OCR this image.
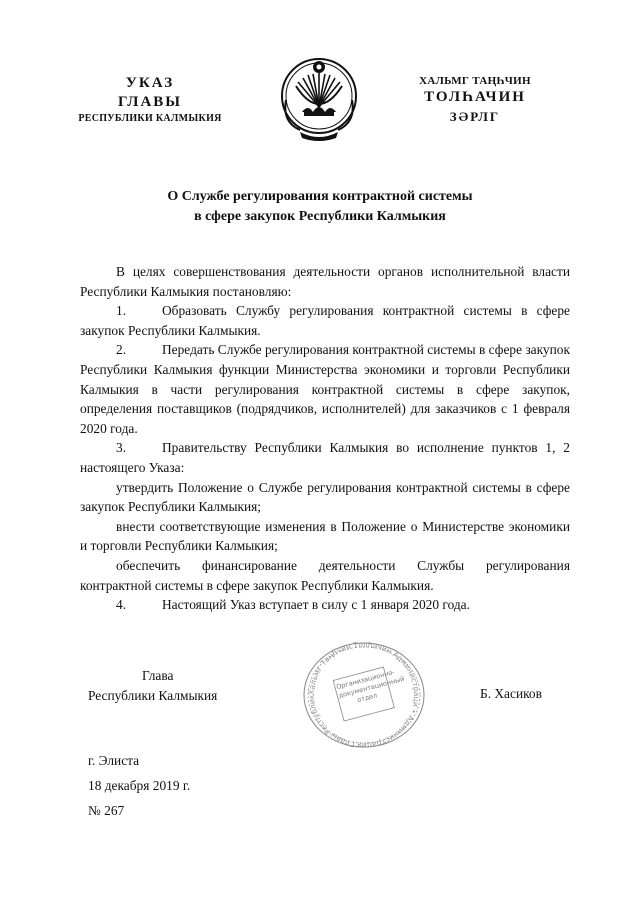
УКАЗ
ГЛАВЫ
РЕСПУБЛИКИ КАЛМЫКИЯ
ХАЛЬМГ ТАҢҺЧИН
ТОЛҺАЧИН
ЗӘРЛГ
О Службе регулирования контрактной системы
в сфере закупок Республики Калмыкия

В целях совершенствования деятельности органов исполнительной власти Республики Калмыкия постановляю:

1.	Образовать Службу регулирования контрактной системы в сфере закупок Республики Калмыкия.

2.	Передать Службе регулирования контрактной системы в сфере закупок Республики Калмыкия функции Министерства экономики и торговли Республики Калмыкия в части регулирования контрактной системы в сфере закупок, определения поставщиков (подрядчиков, исполнителей) для заказчиков с 1 февраля 2020 года.

3.	Правительству Республики Калмыкия во исполнение пунктов 1, 2 настоящего Указа:

утвердить Положение о Службе регулирования контрактной системы в сфере закупок Республики Калмыкия;

внести соответствующие изменения в Положение о Министерстве экономики и торговли Республики Калмыкия;

обеспечить финансирование деятельности Службы регулирования контрактной системы в сфере закупок Республики Калмыкия.

4.	Настоящий Указ вступает в силу с 1 января 2020 года.

Глава
Республики Калмыкия	Хальмг Таңһчин Толһачин Администраци • Администрация Главы Республик
Организационно-документационный отдел	Б. Хасиков
г. Элиста
18 декабря 2019 г.
№ 267
